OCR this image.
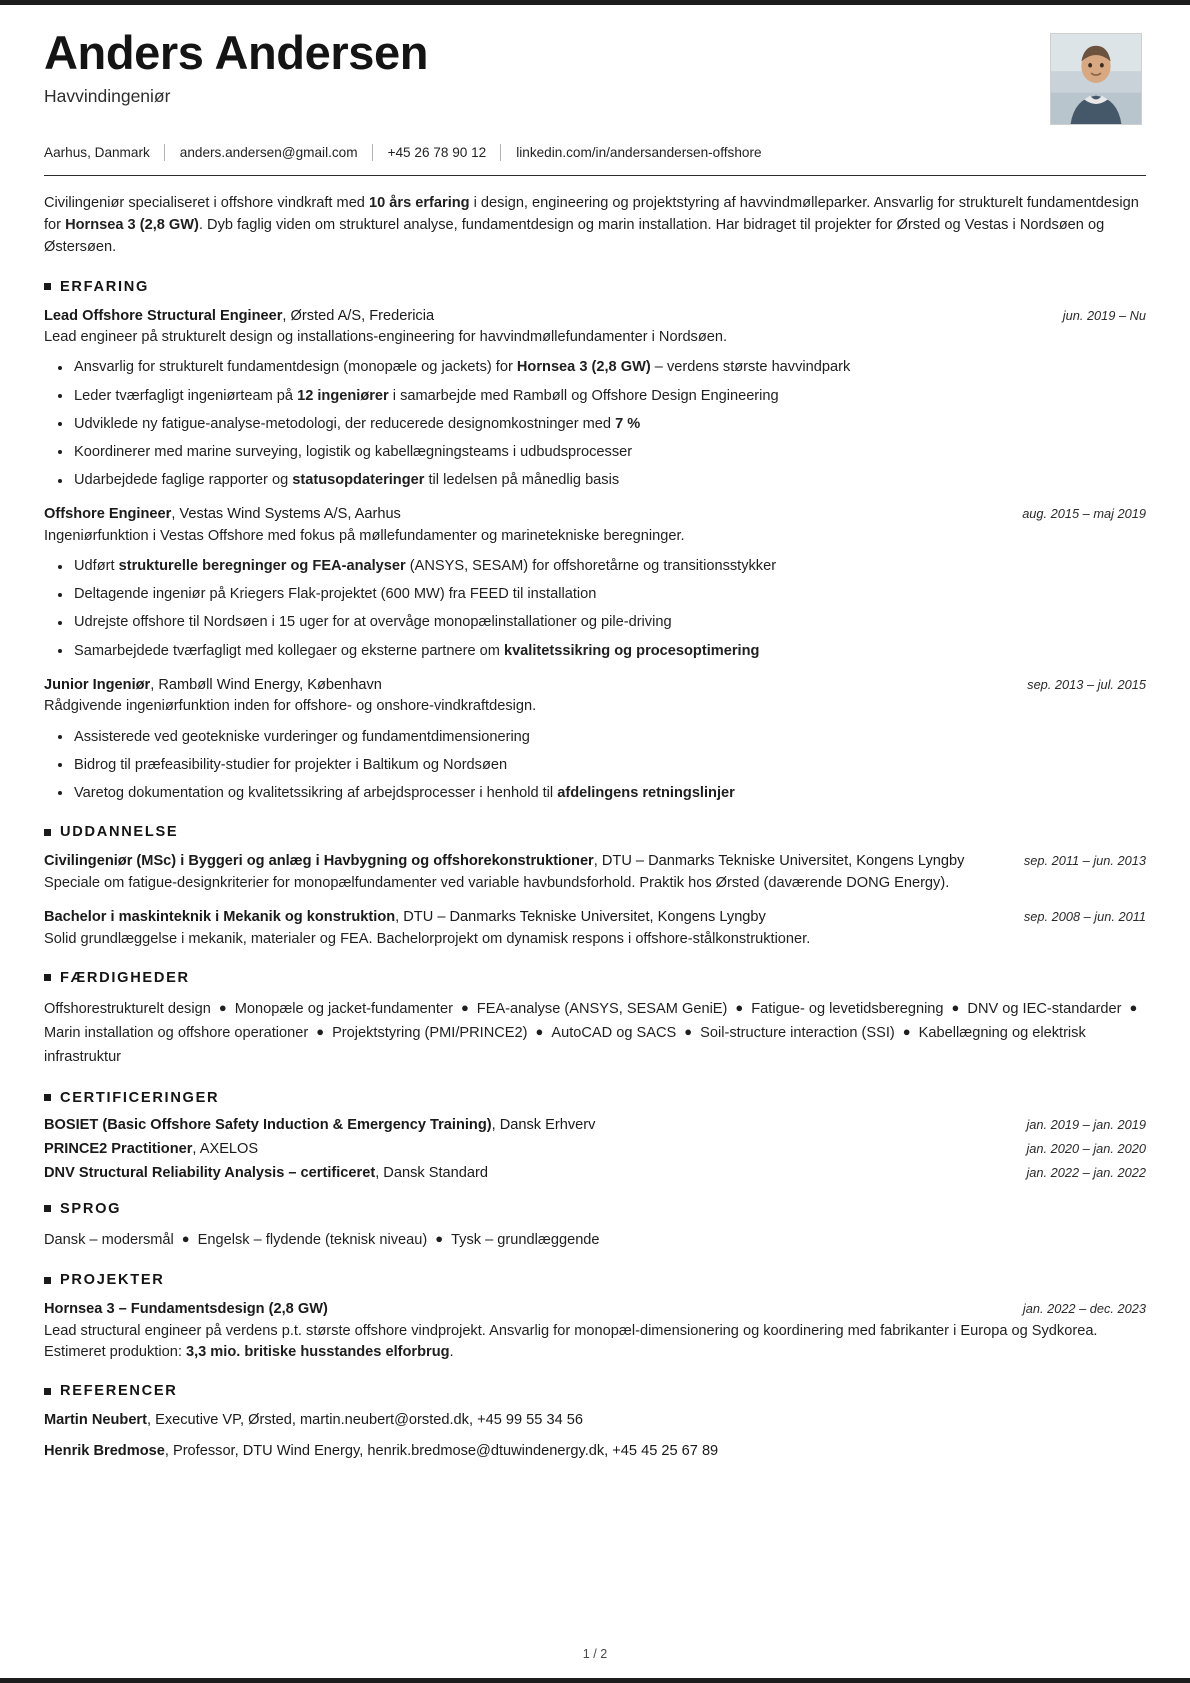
Anders Andersen

Havvindingeniør

Aarhus, Danmark anders.andersen@gmail.com +45 26 78 90 12 linkedin.com/in/andersandersen-offshore
Civilingeniør specialiseret i offshore vindkraft med 10 års erfaring i design, engineering og projektstyring af havvindmølleparker. Ansvarlig for strukturelt fundamentdesign for Hornsea 3 (2,8 GW). Dyb faglig viden om strukturel analyse, fundamentdesign og marin installation. Har bidraget til projekter for Ørsted og Vestas i Nordsøen og Østersøen.
ERFARING
Lead Offshore Structural Engineer, Ørsted A/S, Fredericia	jun. 2019 – Nu
Lead engineer på strukturelt design og installations-engineering for havvindmøllefundamenter i Nordsøen.
Ansvarlig for strukturelt fundamentdesign (monopæle og jackets) for Hornsea 3 (2,8 GW) – verdens største havvindpark
Leder tværfagligt ingeniørteam på 12 ingeniører i samarbejde med Rambøll og Offshore Design Engineering
Udviklede ny fatigue-analyse-metodologi, der reducerede designomkostninger med 7 %
Koordinerer med marine surveying, logistik og kabellægningsteams i udbudsprocesser
Udarbejdede faglige rapporter og statusopdateringer til ledelsen på månedlig basis
Offshore Engineer, Vestas Wind Systems A/S, Aarhus	aug. 2015 – maj 2019
Ingeniørfunktion i Vestas Offshore med fokus på møllefundamenter og marinetekniske beregninger.
Udført strukturelle beregninger og FEA-analyser (ANSYS, SESAM) for offshoretårne og transitionsstykker
Deltagende ingeniør på Kriegers Flak-projektet (600 MW) fra FEED til installation
Udrejste offshore til Nordsøen i 15 uger for at overvåge monopælinstallationer og pile-driving
Samarbejdede tværfagligt med kollegaer og eksterne partnere om kvalitetssikring og procesoptimering
Junior Ingeniør, Rambøll Wind Energy, København	sep. 2013 – jul. 2015
Rådgivende ingeniørfunktion inden for offshore- og onshore-vindkraftdesign.
Assisterede ved geotekniske vurderinger og fundamentdimensionering
Bidrog til præfeasibility-studier for projekter i Baltikum og Nordsøen
Varetog dokumentation og kvalitetssikring af arbejdsprocesser i henhold til afdelingens retningslinjer
UDDANNELSE
Civilingeniør (MSc) i Byggeri og anlæg i Havbygning og offshorekonstruktioner, DTU – Danmarks Tekniske Universitet, Kongens Lyngby	sep. 2011 – jun. 2013
Speciale om fatigue-designkriterier for monopælfundamenter ved variable havbundsforhold. Praktik hos Ørsted (daværende DONG Energy).
Bachelor i maskinteknik i Mekanik og konstruktion, DTU – Danmarks Tekniske Universitet, Kongens Lyngby	sep. 2008 – jun. 2011
Solid grundlæggelse i mekanik, materialer og FEA. Bachelorprojekt om dynamisk respons i offshore-stålkonstruktioner.
FÆRDIGHEDER
Offshorestrukturelt design ● Monopæle og jacket-fundamenter ● FEA-analyse (ANSYS, SESAM GeniE) ● Fatigue- og levetidsberegning ● DNV og IEC-standarder ●Marin installation og offshore operationer ● Projektstyring (PMI/PRINCE2) ● AutoCAD og SACS ● Soil-structure interaction (SSI) ● Kabellægning og elektrisk infrastruktur
CERTIFICERINGER
BOSIET (Basic Offshore Safety Induction & Emergency Training), Dansk Erhverv	jan. 2019 – jan. 2019
PRINCE2 Practitioner, AXELOS	jan. 2020 – jan. 2020
DNV Structural Reliability Analysis – certificeret, Dansk Standard	jan. 2022 – jan. 2022
SPROG
Dansk – modersmål ● Engelsk – flydende (teknisk niveau) ● Tysk – grundlæggende
PROJEKTER
Hornsea 3 – Fundamentsdesign (2,8 GW)	jan. 2022 – dec. 2023
Lead structural engineer på verdens p.t. største offshore vindprojekt. Ansvarlig for monopæl-dimensionering og koordinering med fabrikanter i Europa og Sydkorea. Estimeret produktion: 3,3 mio. britiske husstandes elforbrug.
REFERENCER
Martin Neubert, Executive VP, Ørsted, martin.neubert@orsted.dk, +45 99 55 34 56
Henrik Bredmose, Professor, DTU Wind Energy, henrik.bredmose@dtuwindenergy.dk, +45 45 25 67 89
1 / 2
